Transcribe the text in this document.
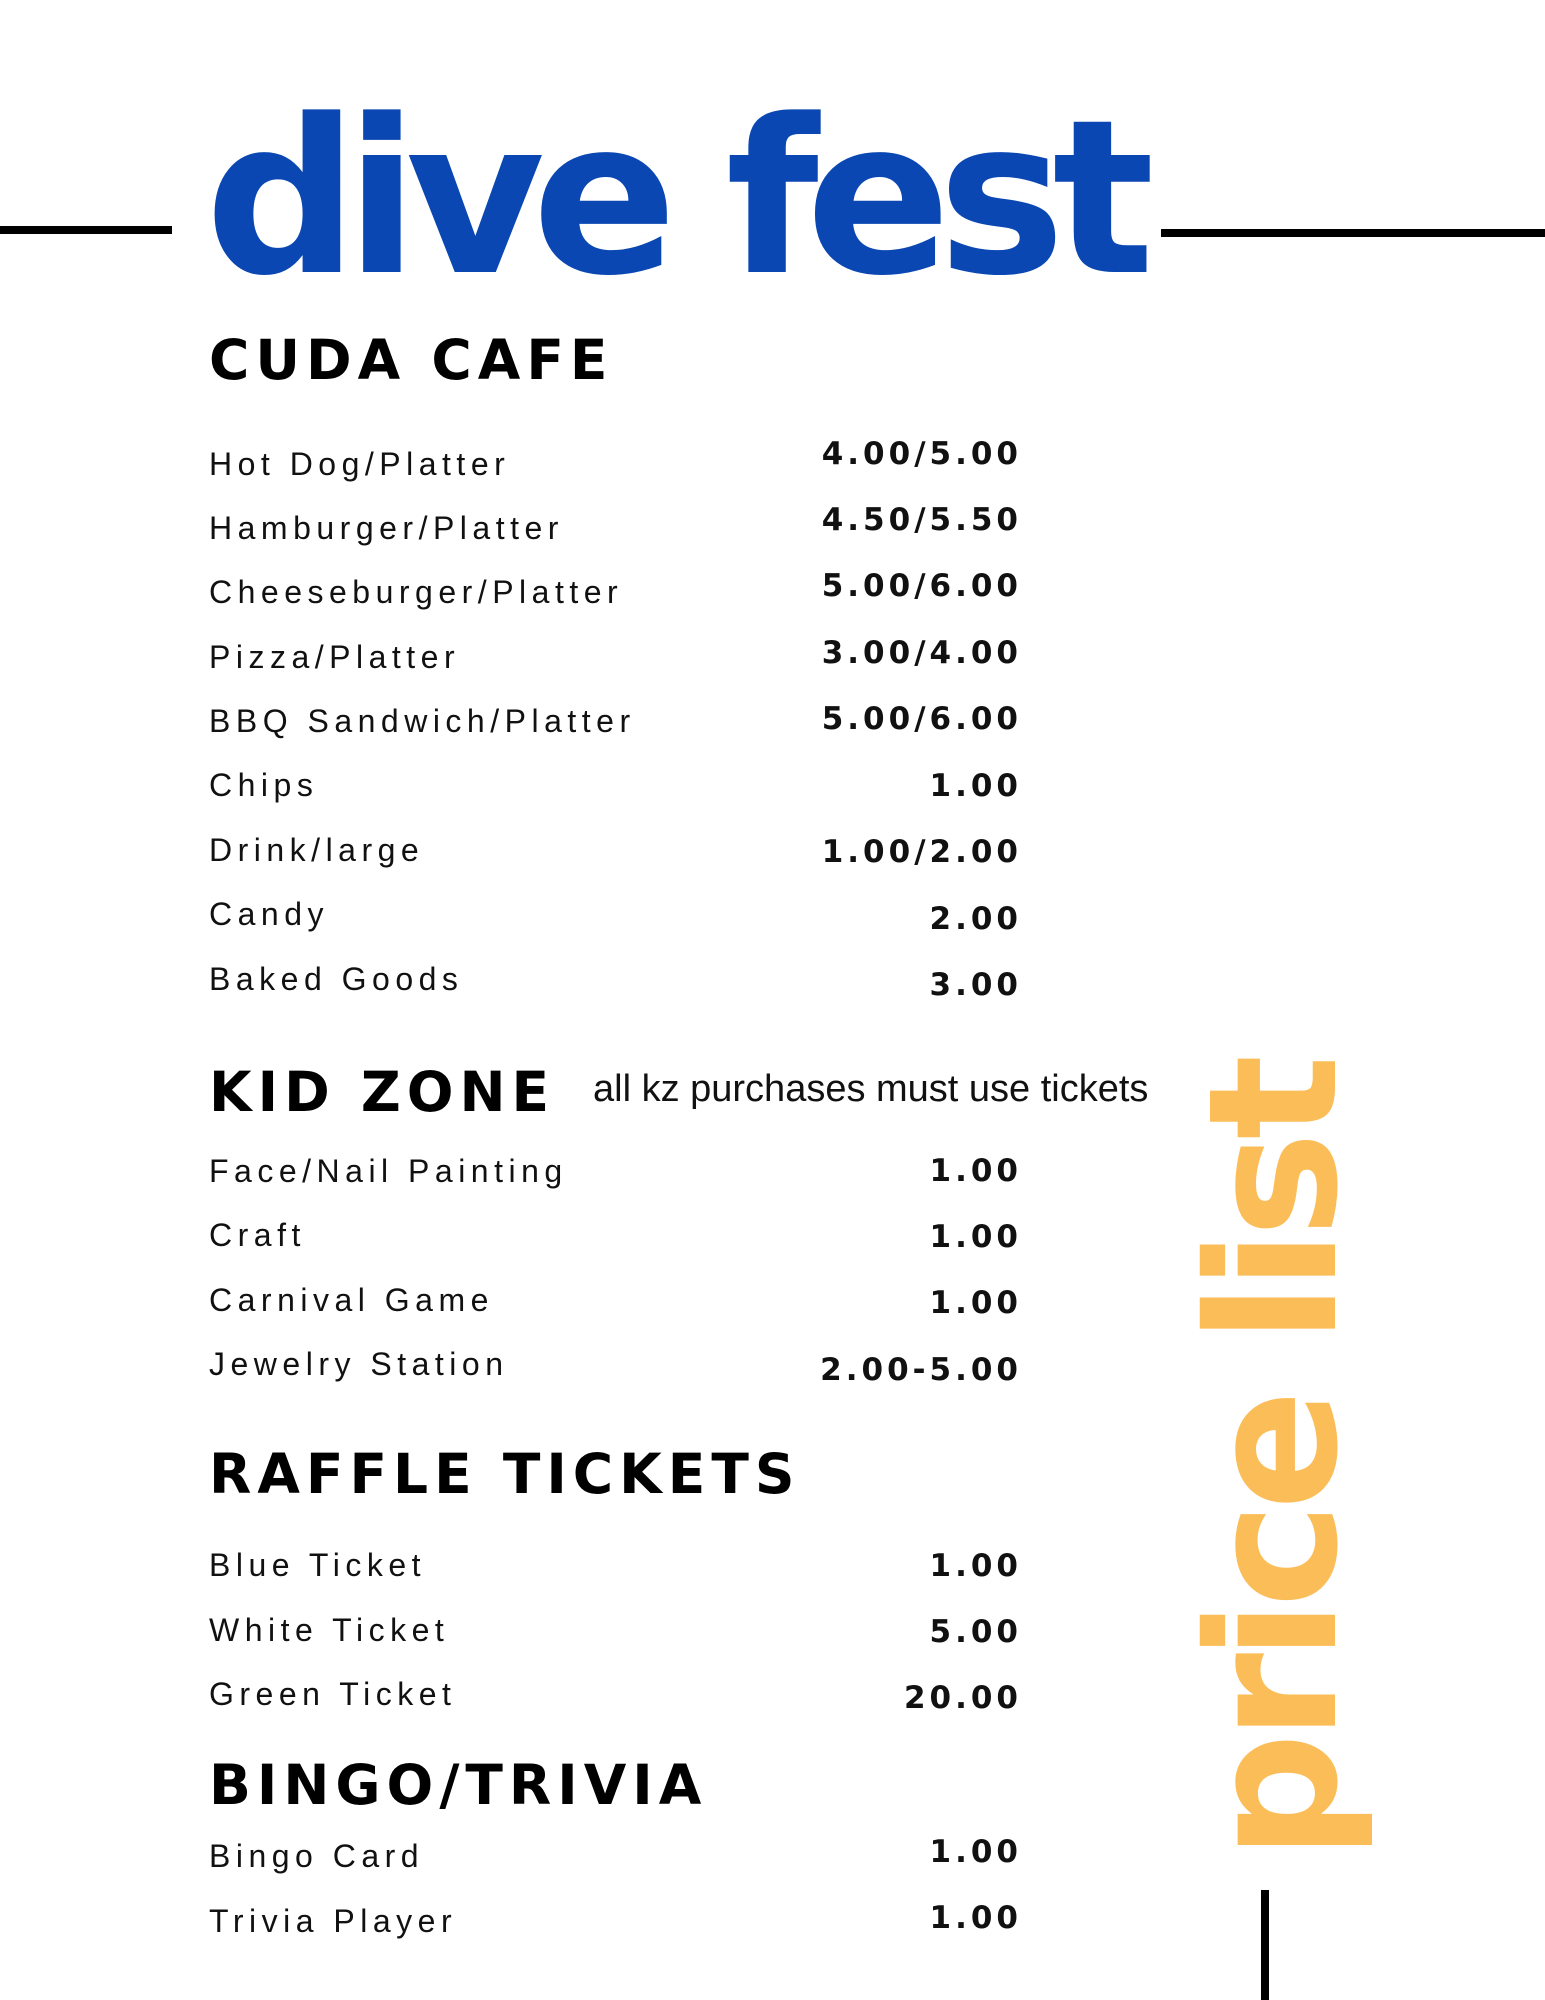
dive fest
CUDA CAFE
Hot Dog/Platter	4.00/5.00
Hamburger/Platter	4.50/5.50
Cheeseburger/Platter	5.00/6.00
Pizza/Platter	3.00/4.00
BBQ Sandwich/Platter	5.00/6.00
Chips	1.00
Drink/large	1.00/2.00
Candy	2.00
Baked Goods	3.00
KID ZONE all kz purchases must use tickets
Face/Nail Painting	1.00
Craft	1.00
Carnival Game	1.00
Jewelry Station	2.00-5.00
RAFFLE TICKETS
Blue Ticket	1.00
White Ticket	5.00
Green Ticket	20.00
BINGO/TRIVIA
Bingo Card	1.00
Trivia Player	1.00
price list
